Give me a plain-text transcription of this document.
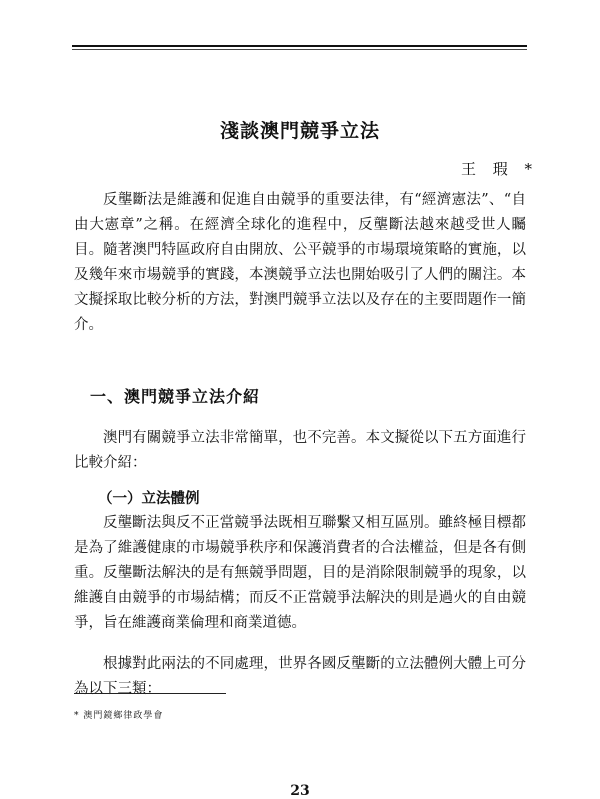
淺談澳門競爭立法
王 瑕 *

反壟斷法是維護和促進自由競爭的重要法律，有“經濟憲法”、“自由大憲章”之稱。在經濟全球化的進程中，反壟斷法越來越受世人矚目。隨著澳門特區政府自由開放、公平競爭的市場環境策略的實施，以及幾年來市場競爭的實踐，本澳競爭立法也開始吸引了人們的關注。本文擬採取比較分析的方法，對澳門競爭立法以及存在的主要問題作一簡介。

一、澳門競爭立法介紹

澳門有關競爭立法非常簡單，也不完善。本文擬從以下五方面進行比較介紹：

（一）立法體例

反壟斷法與反不正當競爭法既相互聯繫又相互區別。雖終極目標都是為了維護健康的市場競爭秩序和保護消費者的合法權益，但是各有側重。反壟斷法解決的是有無競爭問題，目的是消除限制競爭的現象，以維護自由競爭的市場結構；而反不正當競爭法解決的則是過火的自由競爭，旨在維護商業倫理和商業道德。

根據對此兩法的不同處理，世界各國反壟斷的立法體例大體上可分為以下三類：

* 澳門鏡鄉律政學會
23
